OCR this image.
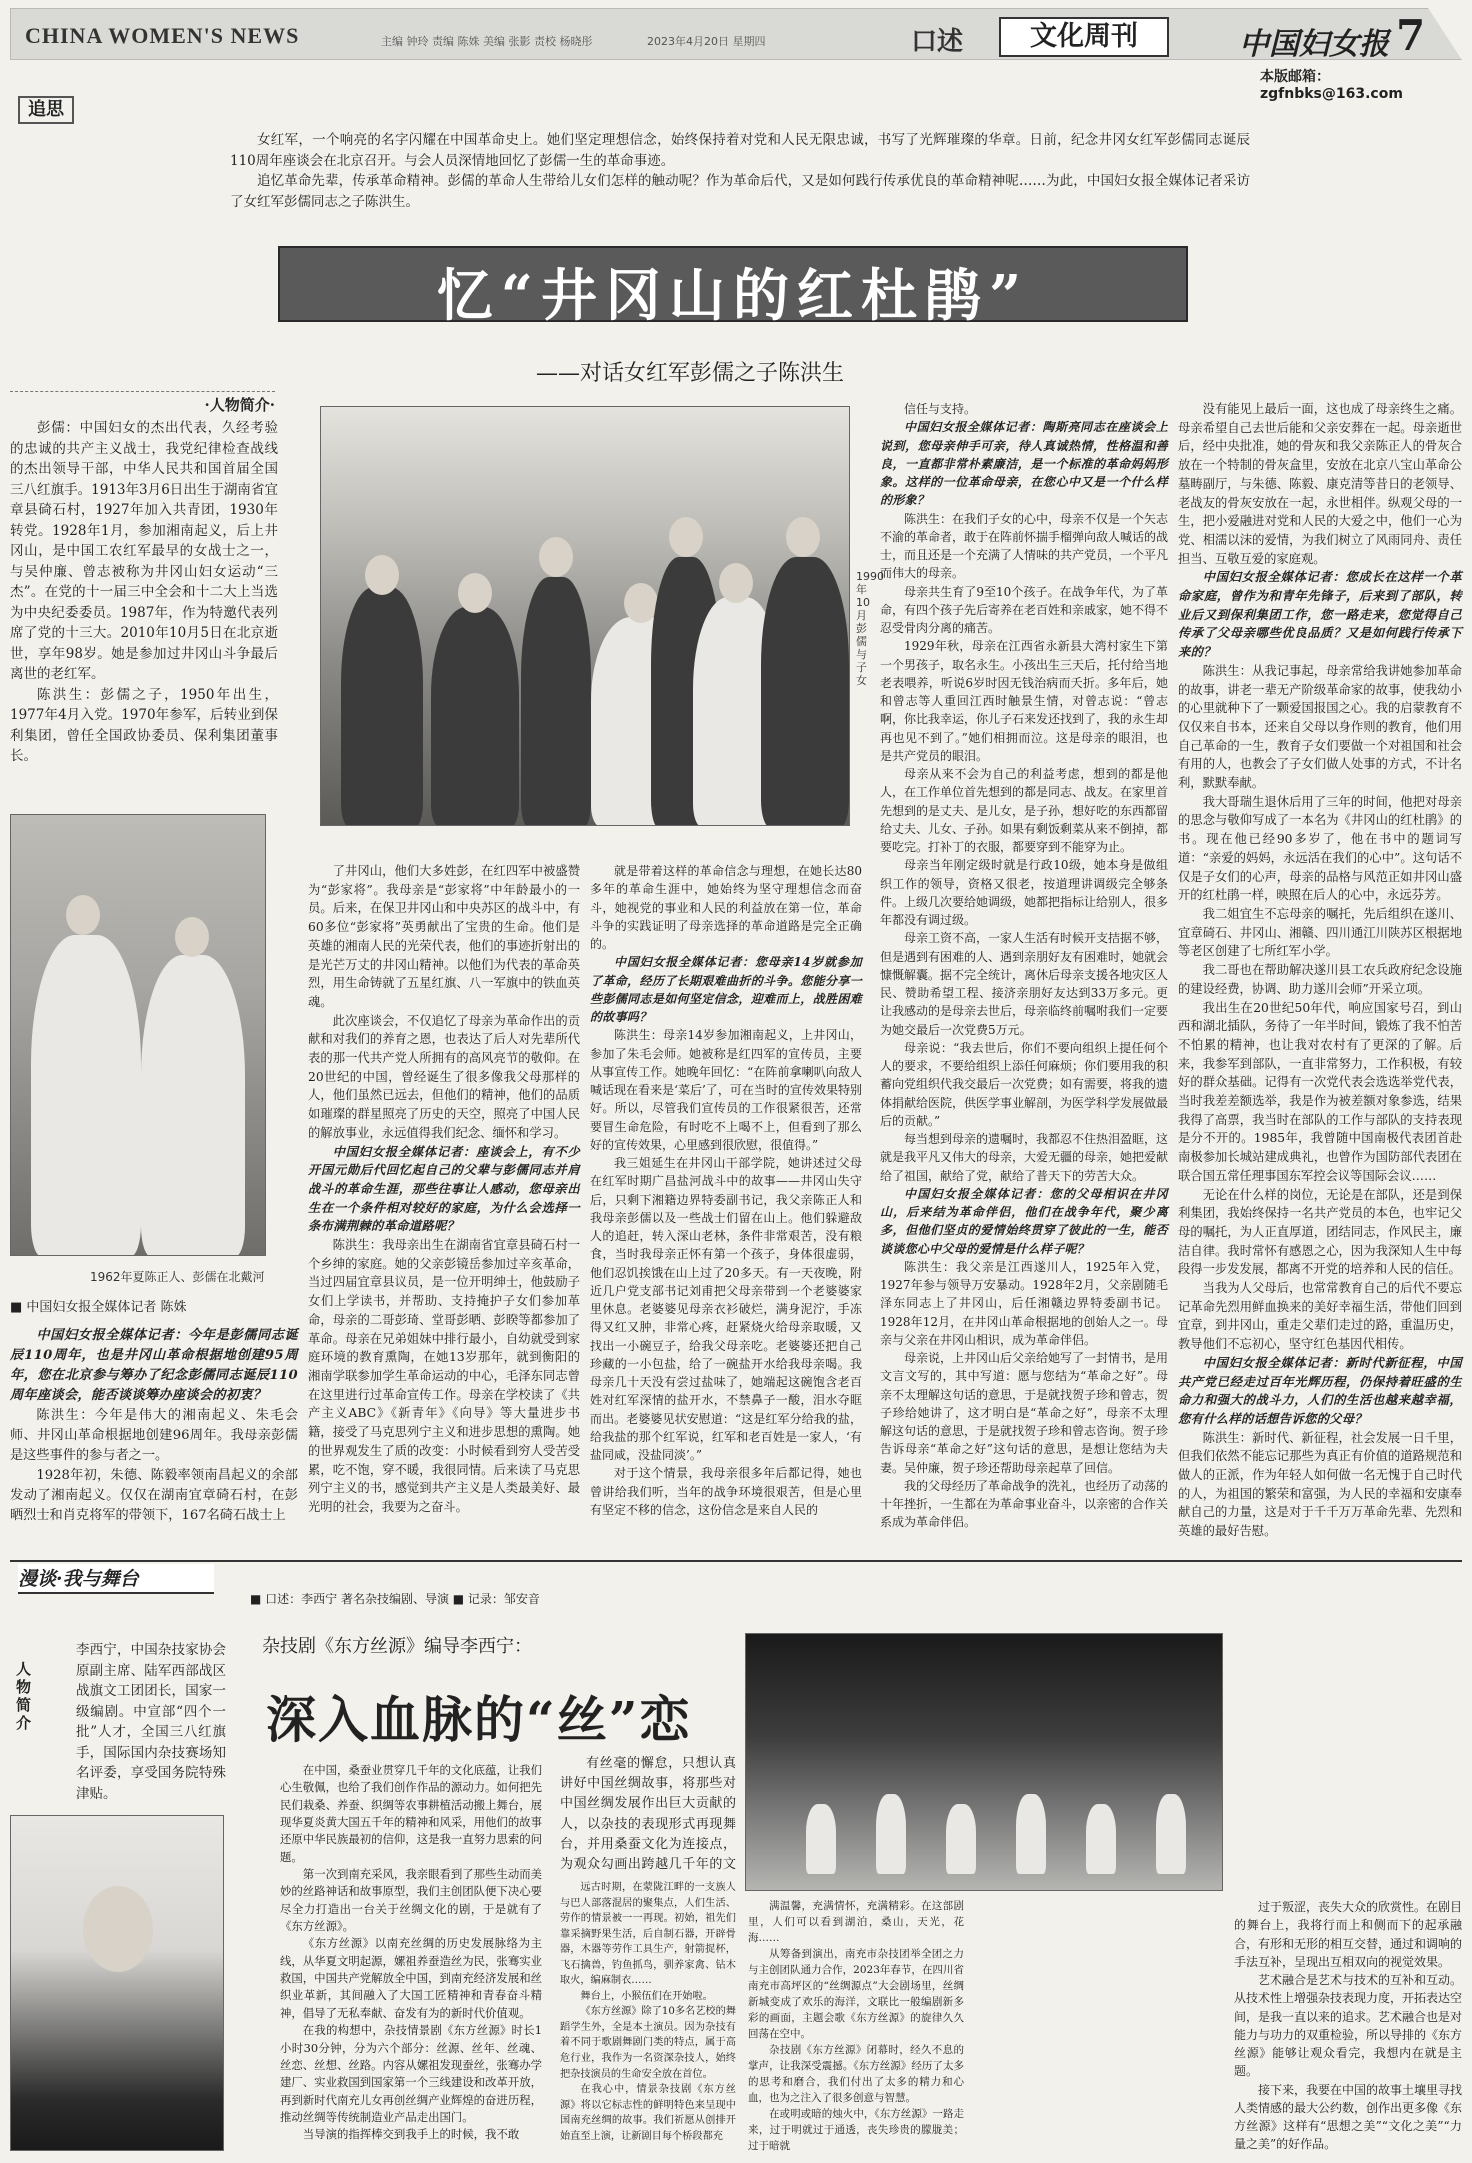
CHINA WOMEN'S NEWS	主编 钟玲 责编 陈姝 美编 张影 责校 杨晓彤	2023年4月20日 星期四	口述	文化周刊	中国妇女报 7
本版邮箱：zgfnbks@163.com
追思

女红军，一个响亮的名字闪耀在中国革命史上。她们坚定理想信念，始终保持着对党和人民无限忠诚，书写了光辉璀璨的华章。日前，纪念井冈女红军彭儒同志诞辰110周年座谈会在北京召开。与会人员深情地回忆了彭儒一生的革命事迹。

追忆革命先辈，传承革命精神。彭儒的革命人生带给儿女们怎样的触动呢？作为革命后代，又是如何践行传承优良的革命精神呢……为此，中国妇女报全媒体记者采访了女红军彭儒同志之子陈洪生。

忆“井冈山的红杜鹃”
——对话女红军彭儒之子陈洪生
·人物简介·

彭儒：中国妇女的杰出代表，久经考验的忠诚的共产主义战士，我党纪律检查战线的杰出领导干部，中华人民共和国首届全国三八红旗手。1913年3月6日出生于湖南省宜章县碕石村，1927年加入共青团，1930年转党。1928年1月，参加湘南起义，后上井冈山，是中国工农红军最早的女战士之一，与吴仲廉、曾志被称为井冈山妇女运动“三杰”。在党的十一届三中全会和十二大上当选为中央纪委委员。1987年，作为特邀代表列席了党的十三大。2010年10月5日在北京逝世，享年98岁。她是参加过井冈山斗争最后离世的老红军。

陈洪生：彭儒之子，1950年出生，1977年4月入党。1970年参军，后转业到保利集团，曾任全国政协委员、保利集团董事长。

1990年10月彭儒与子女
1962年夏陈正人、彭儒在北戴河
■ 中国妇女报全媒体记者 陈姝

中国妇女报全媒体记者：今年是彭儒同志诞辰110周年，也是井冈山革命根据地创建95周年，您在北京参与筹办了纪念彭儒同志诞辰110周年座谈会，能否谈谈筹办座谈会的初衷？

陈洪生：今年是伟大的湘南起义、朱毛会师、井冈山革命根据地创建96周年。我母亲彭儒是这些事件的参与者之一。

1928年初，朱德、陈毅率领南昌起义的余部发动了湘南起义。仅仅在湖南宜章碕石村，在彭晒烈士和肖克将军的带领下，167名碕石战士上

了井冈山，他们大多姓彭，在红四军中被盛赞为“彭家将”。我母亲是“彭家将”中年龄最小的一员。后来，在保卫井冈山和中央苏区的战斗中，有60多位“彭家将”英勇献出了宝贵的生命。他们是英雄的湘南人民的光荣代表，他们的事迹折射出的是光芒万丈的井冈山精神。以他们为代表的革命英烈，用生命铸就了五星红旗、八一军旗中的铁血英魂。

此次座谈会，不仅追忆了母亲为革命作出的贡献和对我们的养育之恩，也表达了后人对先辈所代表的那一代共产党人所拥有的高风亮节的敬仰。在20世纪的中国，曾经诞生了很多像我父母那样的人，他们虽然已远去，但他们的精神，他们的品质如璀璨的群星照亮了历史的天空，照亮了中国人民的解放事业，永远值得我们纪念、缅怀和学习。

中国妇女报全媒体记者：座谈会上，有不少开国元勋后代回忆起自己的父辈与彭儒同志并肩战斗的革命生涯，那些往事让人感动，您母亲出生在一个条件相对较好的家庭，为什么会选择一条布满荆棘的革命道路呢？

陈洪生：我母亲出生在湖南省宜章县碕石村一个乡绅的家庭。她的父亲彭镜岳参加过辛亥革命，当过四届宜章县议员，是一位开明绅士，他鼓励子女们上学读书，并帮助、支持掩护子女们参加革命，母亲的二哥彭琦、堂哥彭晒、彭睽等都参加了革命。母亲在兄弟姐妹中排行最小，自幼就受到家庭环境的教育熏陶，在她13岁那年，就到衡阳的湘南学联参加学生革命运动的中心，毛泽东同志曾在这里进行过革命宣传工作。母亲在学校读了《共产主义ABC》《新青年》《向导》等大量进步书籍，接受了马克思列宁主义和进步思想的熏陶。她的世界观发生了质的改变：小时候看到穷人受苦受累，吃不饱，穿不暖，我很同情。后来读了马克思列宁主义的书，感觉到共产主义是人类最美好、最光明的社会，我要为之奋斗。

就是带着这样的革命信念与理想，在她长达80多年的革命生涯中，她始终为坚守理想信念而奋斗，她视党的事业和人民的利益放在第一位，革命斗争的实践证明了母亲选择的革命道路是完全正确的。

中国妇女报全媒体记者：您母亲14岁就参加了革命，经历了长期艰难曲折的斗争。您能分享一些彭儒同志是如何坚定信念，迎难而上，战胜困难的故事吗？

陈洪生：母亲14岁参加湘南起义，上井冈山，参加了朱毛会师。她被称是红四军的宣传员，主要从事宣传工作。她晚年回忆：“在阵前拿喇叭向敌人喊话现在看来是‘菜后’了，可在当时的宣传效果特别好。所以，尽管我们宣传员的工作很紧很苦，还常要冒生命危险，有时吃不上喝不上，但看到了那么好的宣传效果，心里感到很欣慰，很值得。”

我三姐延生在井冈山干部学院，她讲述过父母在红军时期广昌盐河战斗中的故事——井冈山失守后，只剩下湘籍边界特委副书记，我父亲陈正人和我母亲彭儒以及一些战士们留在山上。他们躲避敌人的追赶，转入深山老林，条件非常艰苦，没有粮食，当时我母亲正怀有第一个孩子，身体很虚弱，他们忍饥挨饿在山上过了20多天。有一天夜晚，附近几户党支部书记刘甫把父母亲带到一个老婆婆家里休息。老婆婆见母亲衣衫破烂，满身泥泞，手冻得又红又肿，非常心疼，赶紧烧火给母亲取暖，又找出一小碗豆子，给我父母亲吃。老婆婆还把自己珍藏的一小包盐，给了一碗盐开水给我母亲喝。我母亲几十天没有尝过盐味了，她端起这碗饱含老百姓对红军深情的盐开水，不禁鼻子一酸，泪水夺眶而出。老婆婆见状安慰道：“这是红军分给我的盐，给我盐的那个红军说，红军和老百姓是一家人，‘有盐同咸，没盐同淡’。”

对于这个情景，我母亲很多年后都记得，她也曾讲给我们听，当年的战争环境很艰苦，但是心里有坚定不移的信念，这份信念是来自人民的

信任与支持。

中国妇女报全媒体记者：陶斯亮同志在座谈会上说到，您母亲伸手可亲，待人真诚热情，性格温和善良，一直都非常朴素廉洁，是一个标准的革命妈妈形象。这样的一位革命母亲，在您心中又是一个什么样的形象？

陈洪生：在我们子女的心中，母亲不仅是一个矢志不渝的革命者，敢于在阵前怀揣手榴弹向敌人喊话的战士，而且还是一个充满了人情味的共产党员，一个平凡而伟大的母亲。

母亲共生育了9至10个孩子。在战争年代，为了革命，有四个孩子先后寄养在老百姓和亲戚家，她不得不忍受骨肉分离的痛苦。

1929年秋，母亲在江西省永新县大湾村家生下第一个男孩子，取名永生。小孩出生三天后，托付给当地老表喂养，听说6岁时因无钱治病而夭折。多年后，她和曾志等人重回江西时触景生情，对曾志说：“曾志啊，你比我幸运，你儿子石来发还找到了，我的永生却再也见不到了。”她们相拥而泣。这是母亲的眼泪，也是共产党员的眼泪。

母亲从来不会为自己的利益考虑，想到的都是他人，在工作单位首先想到的都是同志、战友。在家里首先想到的是丈夫、是儿女，是子孙，想好吃的东西都留给丈夫、儿女、子孙。如果有剩饭剩菜从来不倒掉，都要吃完。打补丁的衣服，都要穿到不能穿为止。

母亲当年刚定级时就是行政10级，她本身是做组织工作的领导，资格又很老，按道理讲调级完全够条件。上级几次要给她调级，她都把指标让给别人，很多年都没有调过级。

母亲工资不高，一家人生活有时候开支拮据不够，但是遇到有困难的人、遇到亲朋好友有困难时，她就会慷慨解囊。据不完全统计，离休后母亲支援各地灾区人民、赞助希望工程、接济亲朋好友达到33万多元。更让我感动的是母亲去世后，母亲临终前嘱咐我们一定要为她交最后一次党费5万元。

母亲说：“我去世后，你们不要向组织上提任何个人的要求，不要给组织上添任何麻烦；你们要用我的积蓄向党组织代我交最后一次党费；如有需要，将我的遗体捐献给医院，供医学事业解剖，为医学科学发展做最后的贡献。”

每当想到母亲的遗嘱时，我都忍不住热泪盈眶，这就是我平凡又伟大的母亲，大爱无疆的母亲，她把爱献给了祖国，献给了党，献给了普天下的劳苦大众。

中国妇女报全媒体记者：您的父母相识在井冈山，后来结为革命伴侣，他们在战争年代，聚少离多，但他们坚贞的爱情始终贯穿了彼此的一生，能否谈谈您心中父母的爱情是什么样子呢？

陈洪生：我父亲是江西遂川人，1925年入党，1927年参与领导万安暴动。1928年2月，父亲剧随毛泽东同志上了井冈山，后任湘赣边界特委副书记。1928年12月，在井冈山革命根据地的创始人之一。母亲与父亲在井冈山相识，成为革命伴侣。

母亲说，上井冈山后父亲给她写了一封情书，是用文言文写的，其中写道：愿与您结为“革命之好”。母亲不太理解这句话的意思，于是就找贺子珍和曾志，贺子珍给她讲了，这才明白是“革命之好”，母亲不太理解这句话的意思，于是就找贺子珍和曾志咨询。贺子珍告诉母亲“革命之好”这句话的意思，是想让您结为夫妻。吴仲廉，贺子珍还帮助母亲起草了回信。

我的父母经历了革命战争的洗礼，也经历了动荡的十年挫折，一生都在为革命事业奋斗，以亲密的合作关系成为革命伴侣。

没有能见上最后一面，这也成了母亲终生之痛。母亲希望自己去世后能和父亲安葬在一起。母亲逝世后，经中央批准，她的骨灰和我父亲陈正人的骨灰合放在一个特制的骨灰盒里，安放在北京八宝山革命公墓畴副厅，与朱德、陈毅、康克清等昔日的老领导、老战友的骨灰安放在一起，永世相伴。纵观父母的一生，把小爱融进对党和人民的大爱之中，他们一心为党、相濡以沫的爱情，为我们树立了风雨同舟、责任担当、互敬互爱的家庭观。

中国妇女报全媒体记者：您成长在这样一个革命家庭，曾作为和青年先锋子，后来到了部队，转业后又到保利集团工作，您一路走来，您觉得自己传承了父母亲哪些优良品质？又是如何践行传承下来的？

陈洪生：从我记事起，母亲常给我讲她参加革命的故事，讲老一辈无产阶级革命家的故事，使我幼小的心里就种下了一颗爱国报国之心。我的启蒙教育不仅仅来自书本，还来自父母以身作则的教育，他们用自己革命的一生，教育子女们要做一个对祖国和社会有用的人，也教会了子女们做人处事的方式，不计名利，默默奉献。

我大哥瑞生退休后用了三年的时间，他把对母亲的思念与敬仰写成了一本名为《井冈山的红杜鹃》的书。现在他已经90多岁了，他在书中的题词写道：“亲爱的妈妈，永远活在我们的心中”。这句话不仅是子女们的心声，母亲的品格与风范正如井冈山盛开的红杜鹃一样，映照在后人的心中，永远芬芳。

我二姐宜生不忘母亲的嘱托，先后组织在遂川、宜章碕石、井冈山、湘赣、四川通江川陕苏区根据地等老区创建了七所红军小学。

我二哥也在帮助解决遂川县工农兵政府纪念设施的建设经费，协调、助力遂川会师”开采立项。

我出生在20世纪50年代，响应国家号召，到山西和湖北插队，务待了一年半时间，锻炼了我不怕苦不怕累的精神，也让我对农村有了更深的了解。后来，我参军到部队，一直非常努力，工作积极，有较好的群众基础。记得有一次党代表会选选举党代表，当时我差差额选举，我是作为被差额对象参选，结果我得了高票，我当时在部队的工作与部队的支持表现是分不开的。1985年，我曾随中国南极代表团首赴南极参加长城站建成典礼，也曾作为国防部代表团在联合国五常任理事国东军控会议等国际会议……

无论在什么样的岗位，无论是在部队，还是到保利集团，我始终保持一名共产党员的本色，也牢记父母的嘱托，为人正直厚道，团结同志，作风民主，廉洁自律。我时常怀有感恩之心，因为我深知人生中每段得一步发发展，都离不开党的培养和人民的信任。

当我为人父母后，也常常教育自己的后代不要忘记革命先烈用鲜血换来的美好幸福生活，带他们回到宜章，到井冈山，重走父辈们走过的路，重温历史，教导他们不忘初心，坚守红色基因代相传。

中国妇女报全媒体记者：新时代新征程，中国共产党已经走过百年光辉历程，仍保持着旺盛的生命力和强大的战斗力，人们的生活也越来越幸福，您有什么样的话想告诉您的父母？

陈洪生：新时代、新征程，社会发展一日千里，但我们依然不能忘记那些为真正有价值的道路规范和做人的正派，作为年轻人如何做一名无愧于自己时代的人，为祖国的繁荣和富强，为人民的幸福和安康奉献自己的力量，这是对于千千万万革命先辈、先烈和英雄的最好告慰。

漫谈·我与舞台
■ 口述：李西宁 著名杂技编剧、导演 ■ 记录：邹安音
人物简介

李西宁，中国杂技家协会原副主席、陆军西部战区战旗文工团团长，国家一级编剧。中宣部“四个一批”人才，全国三八红旗手，国际国内杂技赛场知名评委，享受国务院特殊津贴。

杂技剧《东方丝源》编导李西宁：
深入血脉的“丝”恋

在中国，桑蚕业贯穿几千年的文化底蕴，让我们心生敬佩，也给了我们创作作品的源动力。如何把先民们栽桑、养蚕、织绸等农事耕植活动搬上舞台，展现华夏炎黄大国五千年的精神和风采，用他们的故事还原中华民族最初的信仰，这是我一直努力思索的问题。

第一次到南充采风，我亲眼看到了那些生动而美妙的丝路神话和故事原型，我们主创团队便下决心要尽全力打造出一台关于丝绸文化的剧，于是就有了《东方丝源》。

《东方丝源》以南充丝绸的历史发展脉络为主线，从华夏文明起源，嫘祖养蚕造丝为民，张骞实业救国，中国共产党解放全中国，到南充经济发展和丝织业革新，其间融入了大国工匠精神和青春奋斗精神，倡导了无私奉献、奋发有为的新时代价值观。

在我的构想中，杂技情景剧《东方丝源》时长1小时30分钟，分为六个部分：丝源、丝年、丝魂、丝恋、丝想、丝路。内容从嫘祖发现蚕丝，张骞办学建厂、实业救国到国家第一个三线建设和改革开放，再到新时代南充儿女再创丝绸产业辉煌的奋进历程，推动丝绸等传统制造业产品走出国门。

当导演的指挥棒交到我手上的时候，我不敢

有丝毫的懈怠，只想认真讲好中国丝绸故事，将那些对中国丝绸发展作出巨大贡献的人，以杂技的表现形式再现舞台，并用桑蚕文化为连接点，为观众勾画出跨越几千年的文

远古时期，在蒙陇江畔的一支族人与巴人部落混居的聚集点，人们生活、劳作的情景被一一再现。初始，祖先们靠采摘野果生活，后自制石器，开辟骨器，木器等劳作工具生产，射箭捉杯，飞石擒兽，钓鱼抓鸟，驯养家禽、钻木取火，编麻制衣……

舞台上，小猴伍们在开始啦。

《东方丝源》除了10多名艺校的舞蹈学生外，全是本土演员。因为杂技有着不同于歌剧舞剧门类的特点，属于高危行业，我作为一名资深杂技人，始终把杂技演员的生命安全放在首位。

在我心中，情景杂技剧《东方丝源》将以它标志性的鲜明特色来呈现中国南充丝绸的故事。我们祈愿从创排开始直至上演，让新剧目每个桥段都充

满温馨，充满情怀，充满精彩。在这部剧里，人们可以看到湖泊，桑山，天光，花海……

从筹备到演出，南充市杂技团举全团之力与主创团队通力合作，2023年春节，在四川省南充市高坪区的“丝绸源点”大会剧场里，丝绸新城变成了欢乐的海洋，文联比一般编剧新多彩的画面，主题会歌《东方丝源》的旋律久久回荡在空中。

杂技剧《东方丝源》闭幕时，经久不息的掌声，让我深受震撼。《东方丝源》经历了太多的思考和磨合，我们付出了太多的精力和心血，也为之注入了很多创意与智慧。

在或明或暗的烛火中，《东方丝源》一路走来，过于明就过于通透，丧失珍贵的朦胧美；过于暗就

过于叛涩，丧失大众的欣赏性。在剧目的舞台上，我将行而上和侧而下的起承融合，有形和无形的相互交替，通过和调响的手法互补，呈现出互相双向的视觉效果。

艺术融合是艺术与技术的互补和互动。从技术性上增强杂技表现力度，开拓表达空间，是我一直以来的追求。艺术融合也是对能力与功力的双重检验，所以导排的《东方丝源》能够让观众看完，我想内在就是主题。

接下来，我要在中国的故事土壤里寻找人类情感的最大公约数，创作出更多像《东方丝源》这样有“思想之美”“文化之美”“力量之美”的好作品。
